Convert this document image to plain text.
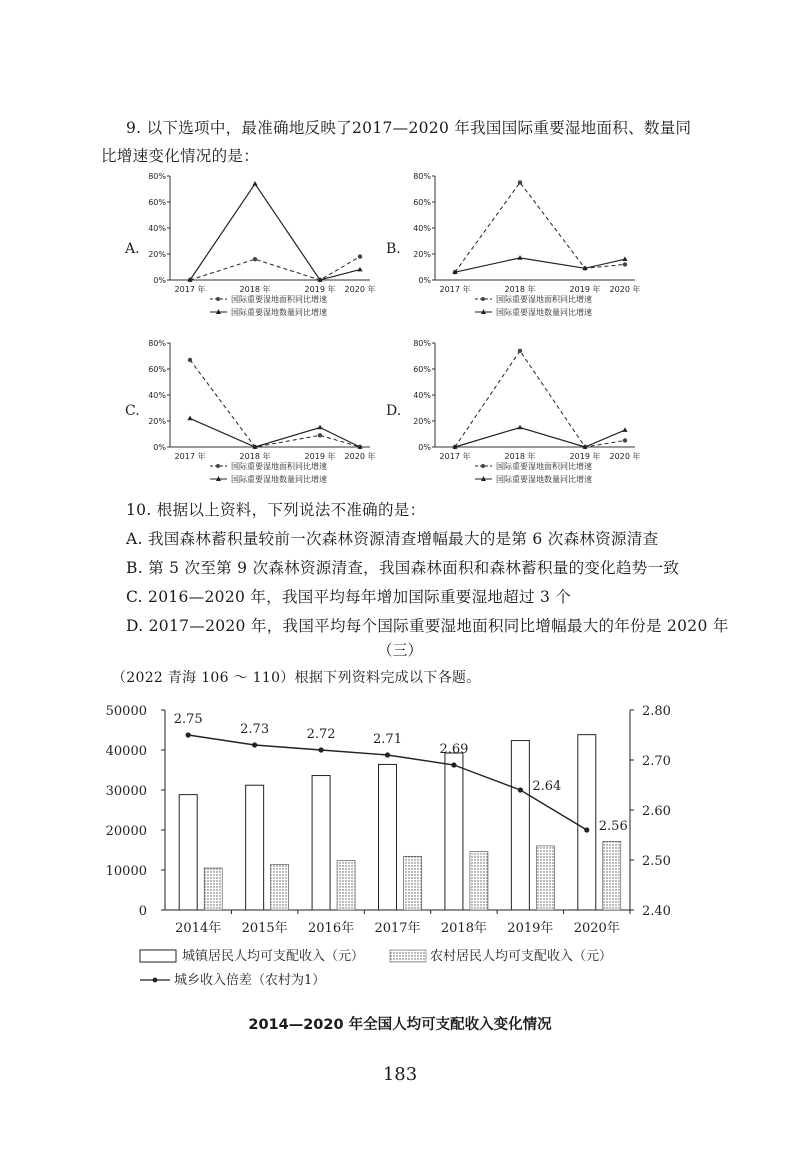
9. 以下选项中，最准确地反映了2017—2020 年我国国际重要湿地面积、数量同
比增速变化情况的是：
A.
0%
20%
40%
60%
80%
2017 年	2018 年	2019 年 2020 年
国际重要湿地面积同比增速
国际重要湿地数量同比增速
B.
0%
20%
40%
60%
80%
2017 年	2018 年	2019 年 2020 年
国际重要湿地面积同比增速
国际重要湿地数量同比增速
C.
0%
20%
40%
60%
80%
2017 年	2018 年	2019 年 2020 年
国际重要湿地面积同比增速
国际重要湿地数量同比增速
D.
0%
20%
40%
60%
80%
2017 年	2018 年	2019 年 2020 年
国际重要湿地面积同比增速
国际重要湿地数量同比增速
10. 根据以上资料，下列说法不准确的是：
A. 我国森林蓄积量较前一次森林资源清查增幅最大的是第 6 次森林资源清查
B. 第 5 次至第 9 次森林资源清查，我国森林面积和森林蓄积量的变化趋势一致
C. 2016—2020 年，我国平均每年增加国际重要湿地超过 3 个
D. 2017—2020 年，我国平均每个国际重要湿地面积同比增幅最大的年份是 2020 年
（三）
（2022 青海 106 ～ 110）根据下列资料完成以下各题。
0
10000
20000
30000
40000
50000
2.40
2.50
2.60
2.70
2.80
2014年 2015年 2016年 2017年 2018年 2019年 2020年
2.75
2.73	2.72	2.71
2.69
2.64
2.56
城镇居民人均可支配收入（元）	农村居民人均可支配收入（元）
城乡收入倍差（农村为1）
2014—2020 年全国人均可支配收入变化情况
183
